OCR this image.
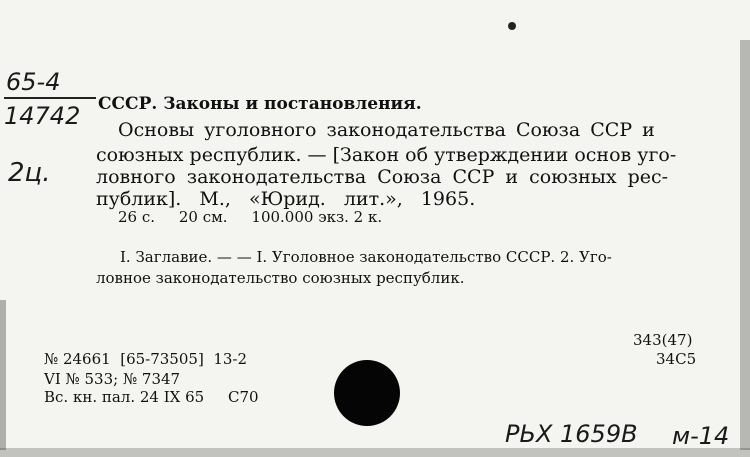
65-4
14742
2ц.
РЬХ 1659В м-14
СССР. Законы и постановления.
Основы уголовного законодательства Союза ССР и
союзных республик. — [Закон об утверждении основ уго-
ловного законодательства Союза ССР и союзных рес-
публик]. М., «Юрид. лит.», 1965.
26 с.     20 см.     100.000 экз. 2 к.
I. Заглавие. — — I. Уголовное законодательство СССР. 2. Уго-
ловное законодательство союзных республик.
343(47)
34С5
№ 24661  [65-73505]  13-2
VI № 533; № 7347
Вс. кн. пал. 24 IX 65     С70
